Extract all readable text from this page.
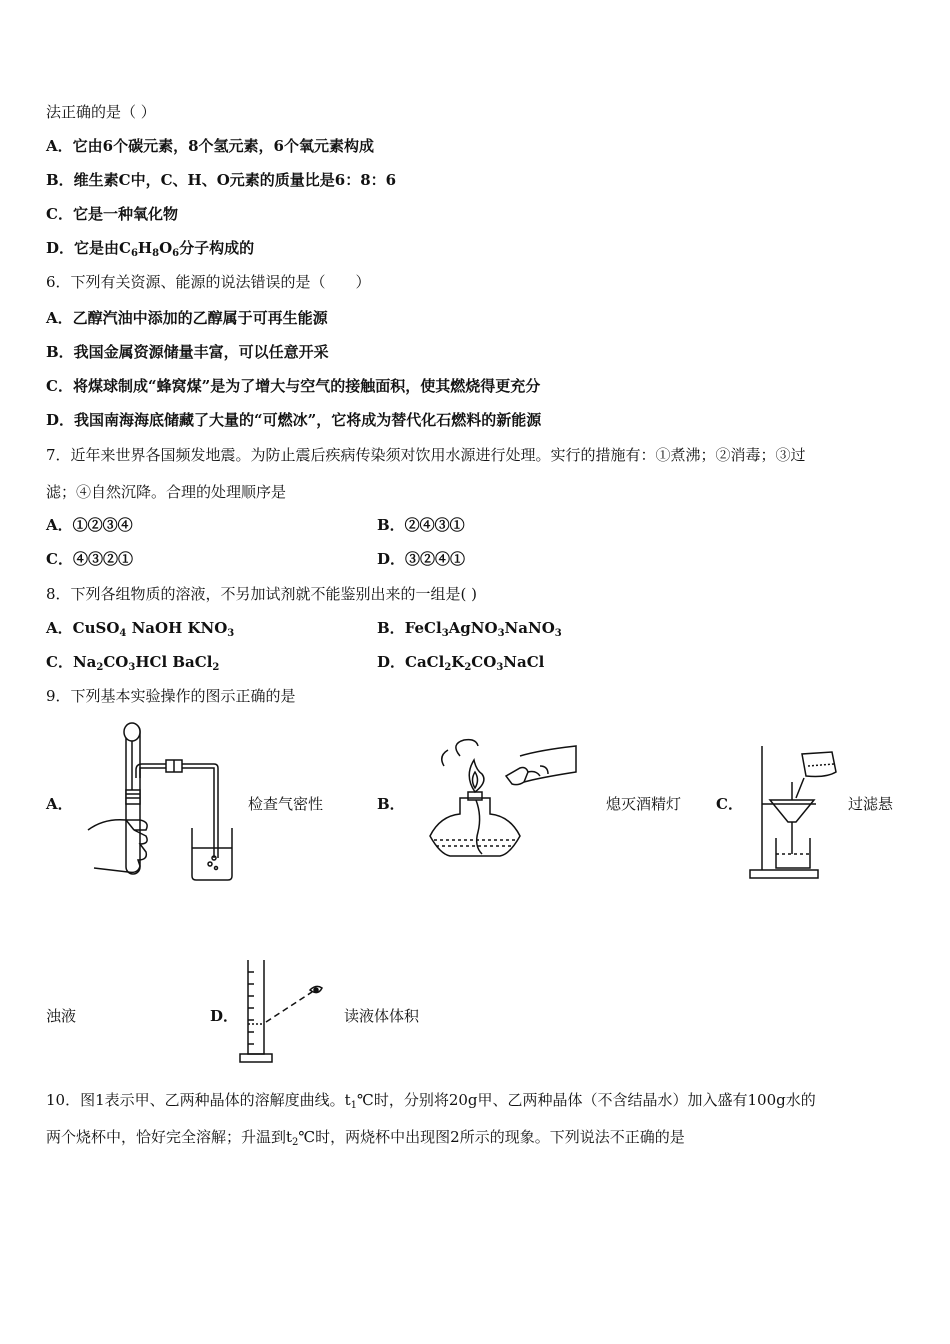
法正确的是（ ）
A．它由6个碳元素，8个氢元素，6个氧元素构成
B．维生素C中，C、H、O元素的质量比是6：8：6
C．它是一种氧化物
D．它是由$C_6H_8O_6$分子构成的
6．下列有关资源、能源的说法错误的是（　　）
A．乙醇汽油中添加的乙醇属于可再生能源
B．我国金属资源储量丰富，可以任意开采
C．将煤球制成“蜂窝煤”是为了增大与空气的接触面积，使其燃烧得更充分
D．我国南海海底储藏了大量的“可燃冰”，它将成为替代化石燃料的新能源
7．近年来世界各国频发地震。为防止震后疾病传染须对饮用水源进行处理。实行的措施有：①煮沸；②消毒；③过
滤；④自然沉降。合理的处理顺序是
A．①②③④	B．②④③①
C．④③②①	D．③②④①
8．下列各组物质的溶液，不另加试剂就不能鉴别出来的一组是( )
A．CuSO$_4$ NaOH $KNO_3$	B．FeCl$_3$AgNO$_3$NaNO$_3$
C．$Na_2CO_3HCl$ BaCl$_2$	D．$CaCl_2K_2CO_3NaCl$
9．下列基本实验操作的图示正确的是
A．	检查气密性	B．	熄灭酒精灯 C．	过滤悬
浊液	D．	读液体体积
10．图1表示甲、乙两种晶体的溶解度曲线。$t_1℃$时，分别将20g甲、乙两种晶体（不含结晶水）加入盛有100g水的
两个烧杯中，恰好完全溶解；升温到$t_2℃$时，两烧杯中出现图2所示的现象。下列说法不正确的是
